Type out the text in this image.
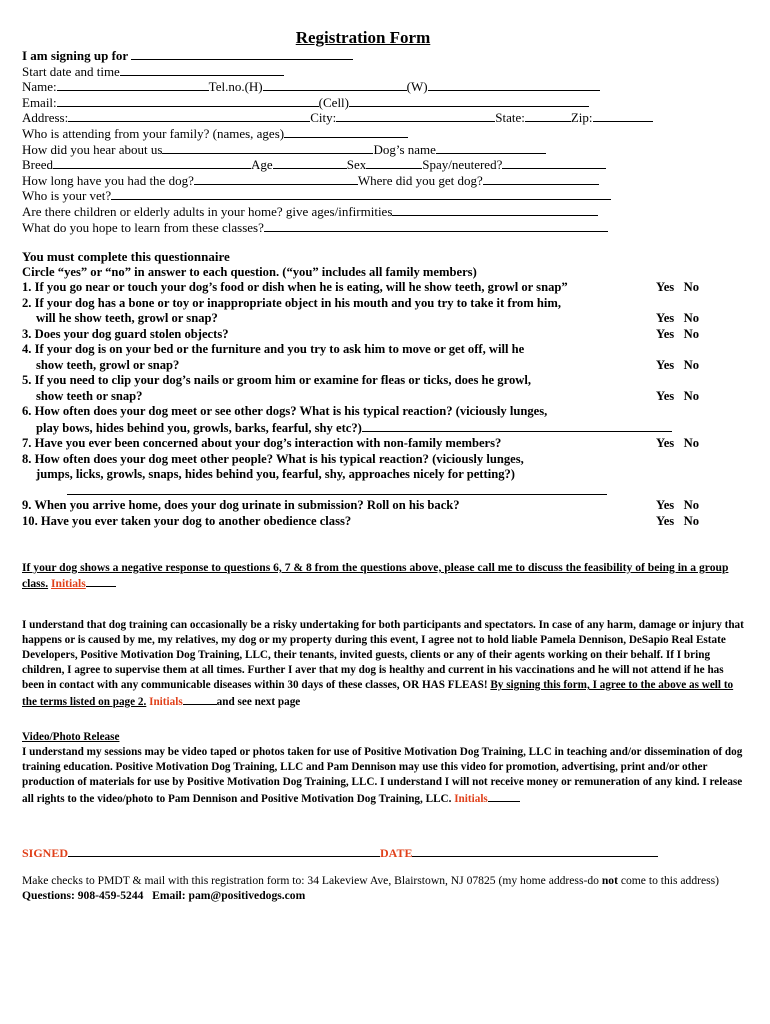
Registration Form
I am signing up for
Start date and time
Name:	Tel.no.(H)	(W)
Email:	(Cell)
Address:	City:	State:	Zip:
Who is attending from your family? (names, ages)
How did you hear about us	Dog’s name
Breed	Age	Sex	Spay/neutered?
How long have you had the dog?	Where did you get dog?
Who is your vet?
Are there children or elderly adults in your home? give ages/infirmities
What do you hope to learn from these classes?
You must complete this questionnaire
Circle “yes” or “no” in answer to each question. (“you” includes all family members)
1. If you go near or touch your dog’s food or dish when he is eating, will he show teeth, growl or snap”	Yes No
2. If your dog has a bone or toy or inappropriate object in his mouth and you try to take it from him,
will he show teeth, growl or snap?	Yes No
3. Does your dog guard stolen objects?	Yes No
4. If your dog is on your bed or the furniture and you try to ask him to move or get off, will he
show teeth, growl or snap?	Yes No
5. If you need to clip your dog’s nails or groom him or examine for fleas or ticks, does he growl,
show teeth or snap?	Yes No
6. How often does your dog meet or see other dogs? What is his typical reaction? (viciously lunges,
play bows, hides behind you, growls, barks, fearful, shy etc?)
7. Have you ever been concerned about your dog’s interaction with non-family members?	Yes No
8. How often does your dog meet other people? What is his typical reaction? (viciously lunges,
jumps, licks, growls, snaps, hides behind you, fearful, shy, approaches nicely for petting?)
9. When you arrive home, does your dog urinate in submission? Roll on his back?	Yes No
10. Have you ever taken your dog to another obedience class?	Yes No
If your dog shows a negative response to questions 6, 7 & 8 from the questions above, please call me to discuss the feasibility of being in a group class. Initials
I understand that dog training can occasionally be a risky undertaking for both participants and spectators. In case of any harm, damage or injury that happens or is caused by me, my relatives, my dog or my property during this event, I agree not to hold liable Pamela Dennison, DeSapio Real Estate Developers, Positive Motivation Dog Training, LLC, their tenants, invited guests, clients or any of their agents working on their behalf. If I bring children, I agree to supervise them at all times. Further I aver that my dog is healthy and current in his vaccinations and he will not attend if he has been in contact with any communicable diseases within 30 days of these classes, OR HAS FLEAS! By signing this form, I agree to the above as well to the terms listed on page 2. Initials	and see next page
Video/Photo Release
I understand my sessions may be video taped or photos taken for use of Positive Motivation Dog Training, LLC in teaching and/or dissemination of dog training education. Positive Motivation Dog Training, LLC and Pam Dennison may use this video for promotion, advertising, print and/or other production of materials for use by Positive Motivation Dog Training, LLC. I understand I will not receive money or remuneration of any kind. I release all rights to the video/photo to Pam Dennison and Positive Motivation Dog Training, LLC. Initials
SIGNED	DATE
Make checks to PMDT & mail with this registration form to: 34 Lakeview Ave, Blairstown, NJ 07825 (my home address-do not come to this address) Questions: 908-459-5244 Email: pam@positivedogs.com
